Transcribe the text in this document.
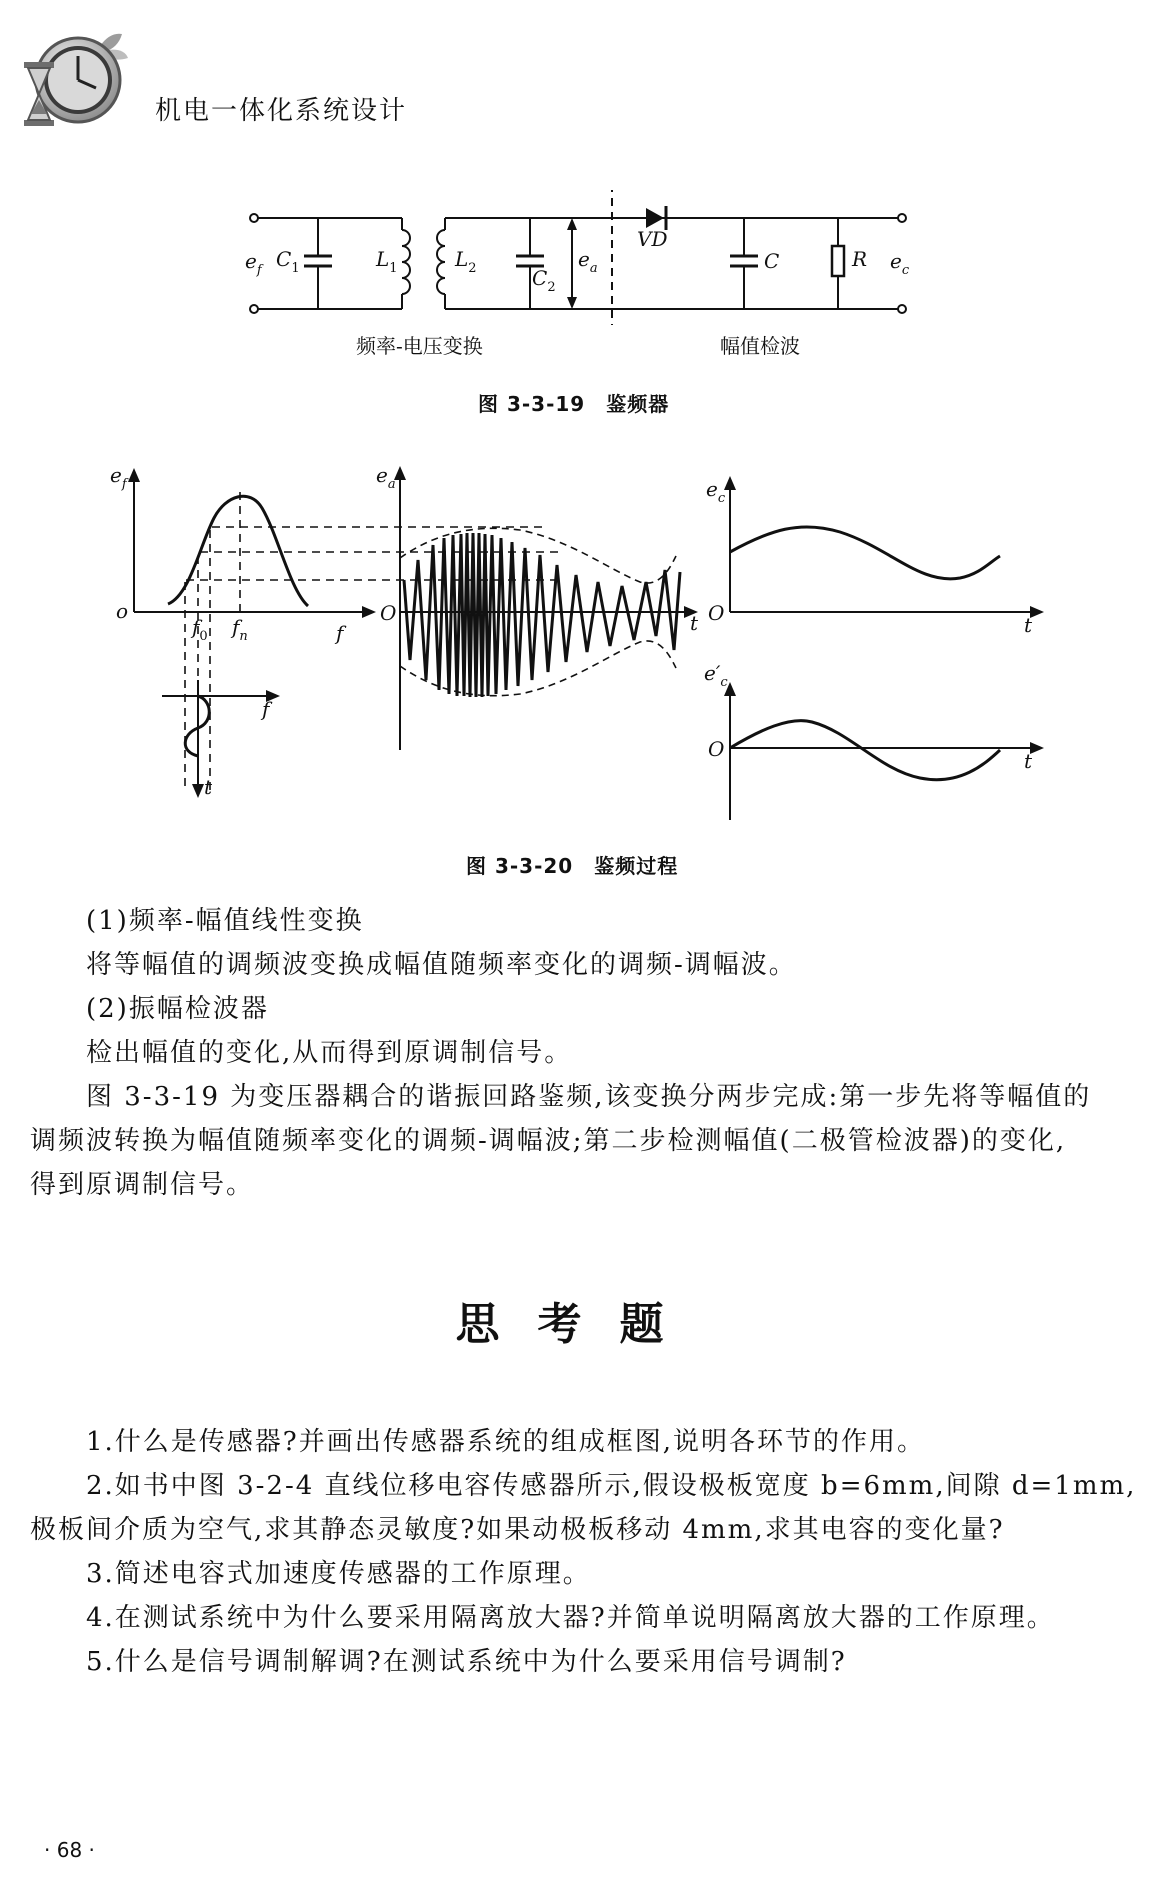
机电一体化系统设计
$e_f$ $C_1$	$L_1$	$L_2$	$C_2$
$e_a$
VD
C	R $e_c$
频率-电压变换	幅值检波
图 3-3-19　鉴频器
$e_f$
o
$f_0$ $f_n$	f
f
t
$e_a$
O	t
$e_c$
O	t
$e'_c$
O	t
图 3-3-20　鉴频过程
(1)频率-幅值线性变换
将等幅值的调频波变换成幅值随频率变化的调频-调幅波。
(2)振幅检波器
检出幅值的变化,从而得到原调制信号。
图 3-3-19 为变压器耦合的谐振回路鉴频,该变换分两步完成:第一步先将等幅值的
调频波转换为幅值随频率变化的调频-调幅波;第二步检测幅值(二极管检波器)的变化,
得到原调制信号。
思考题
1.什么是传感器?并画出传感器系统的组成框图,说明各环节的作用。
2.如书中图 3-2-4 直线位移电容传感器所示,假设极板宽度 b=6mm,间隙 d=1mm,
极板间介质为空气,求其静态灵敏度?如果动极板移动 4mm,求其电容的变化量?
3.简述电容式加速度传感器的工作原理。
4.在测试系统中为什么要采用隔离放大器?并简单说明隔离放大器的工作原理。
5.什么是信号调制解调?在测试系统中为什么要采用信号调制?
· 68 ·
